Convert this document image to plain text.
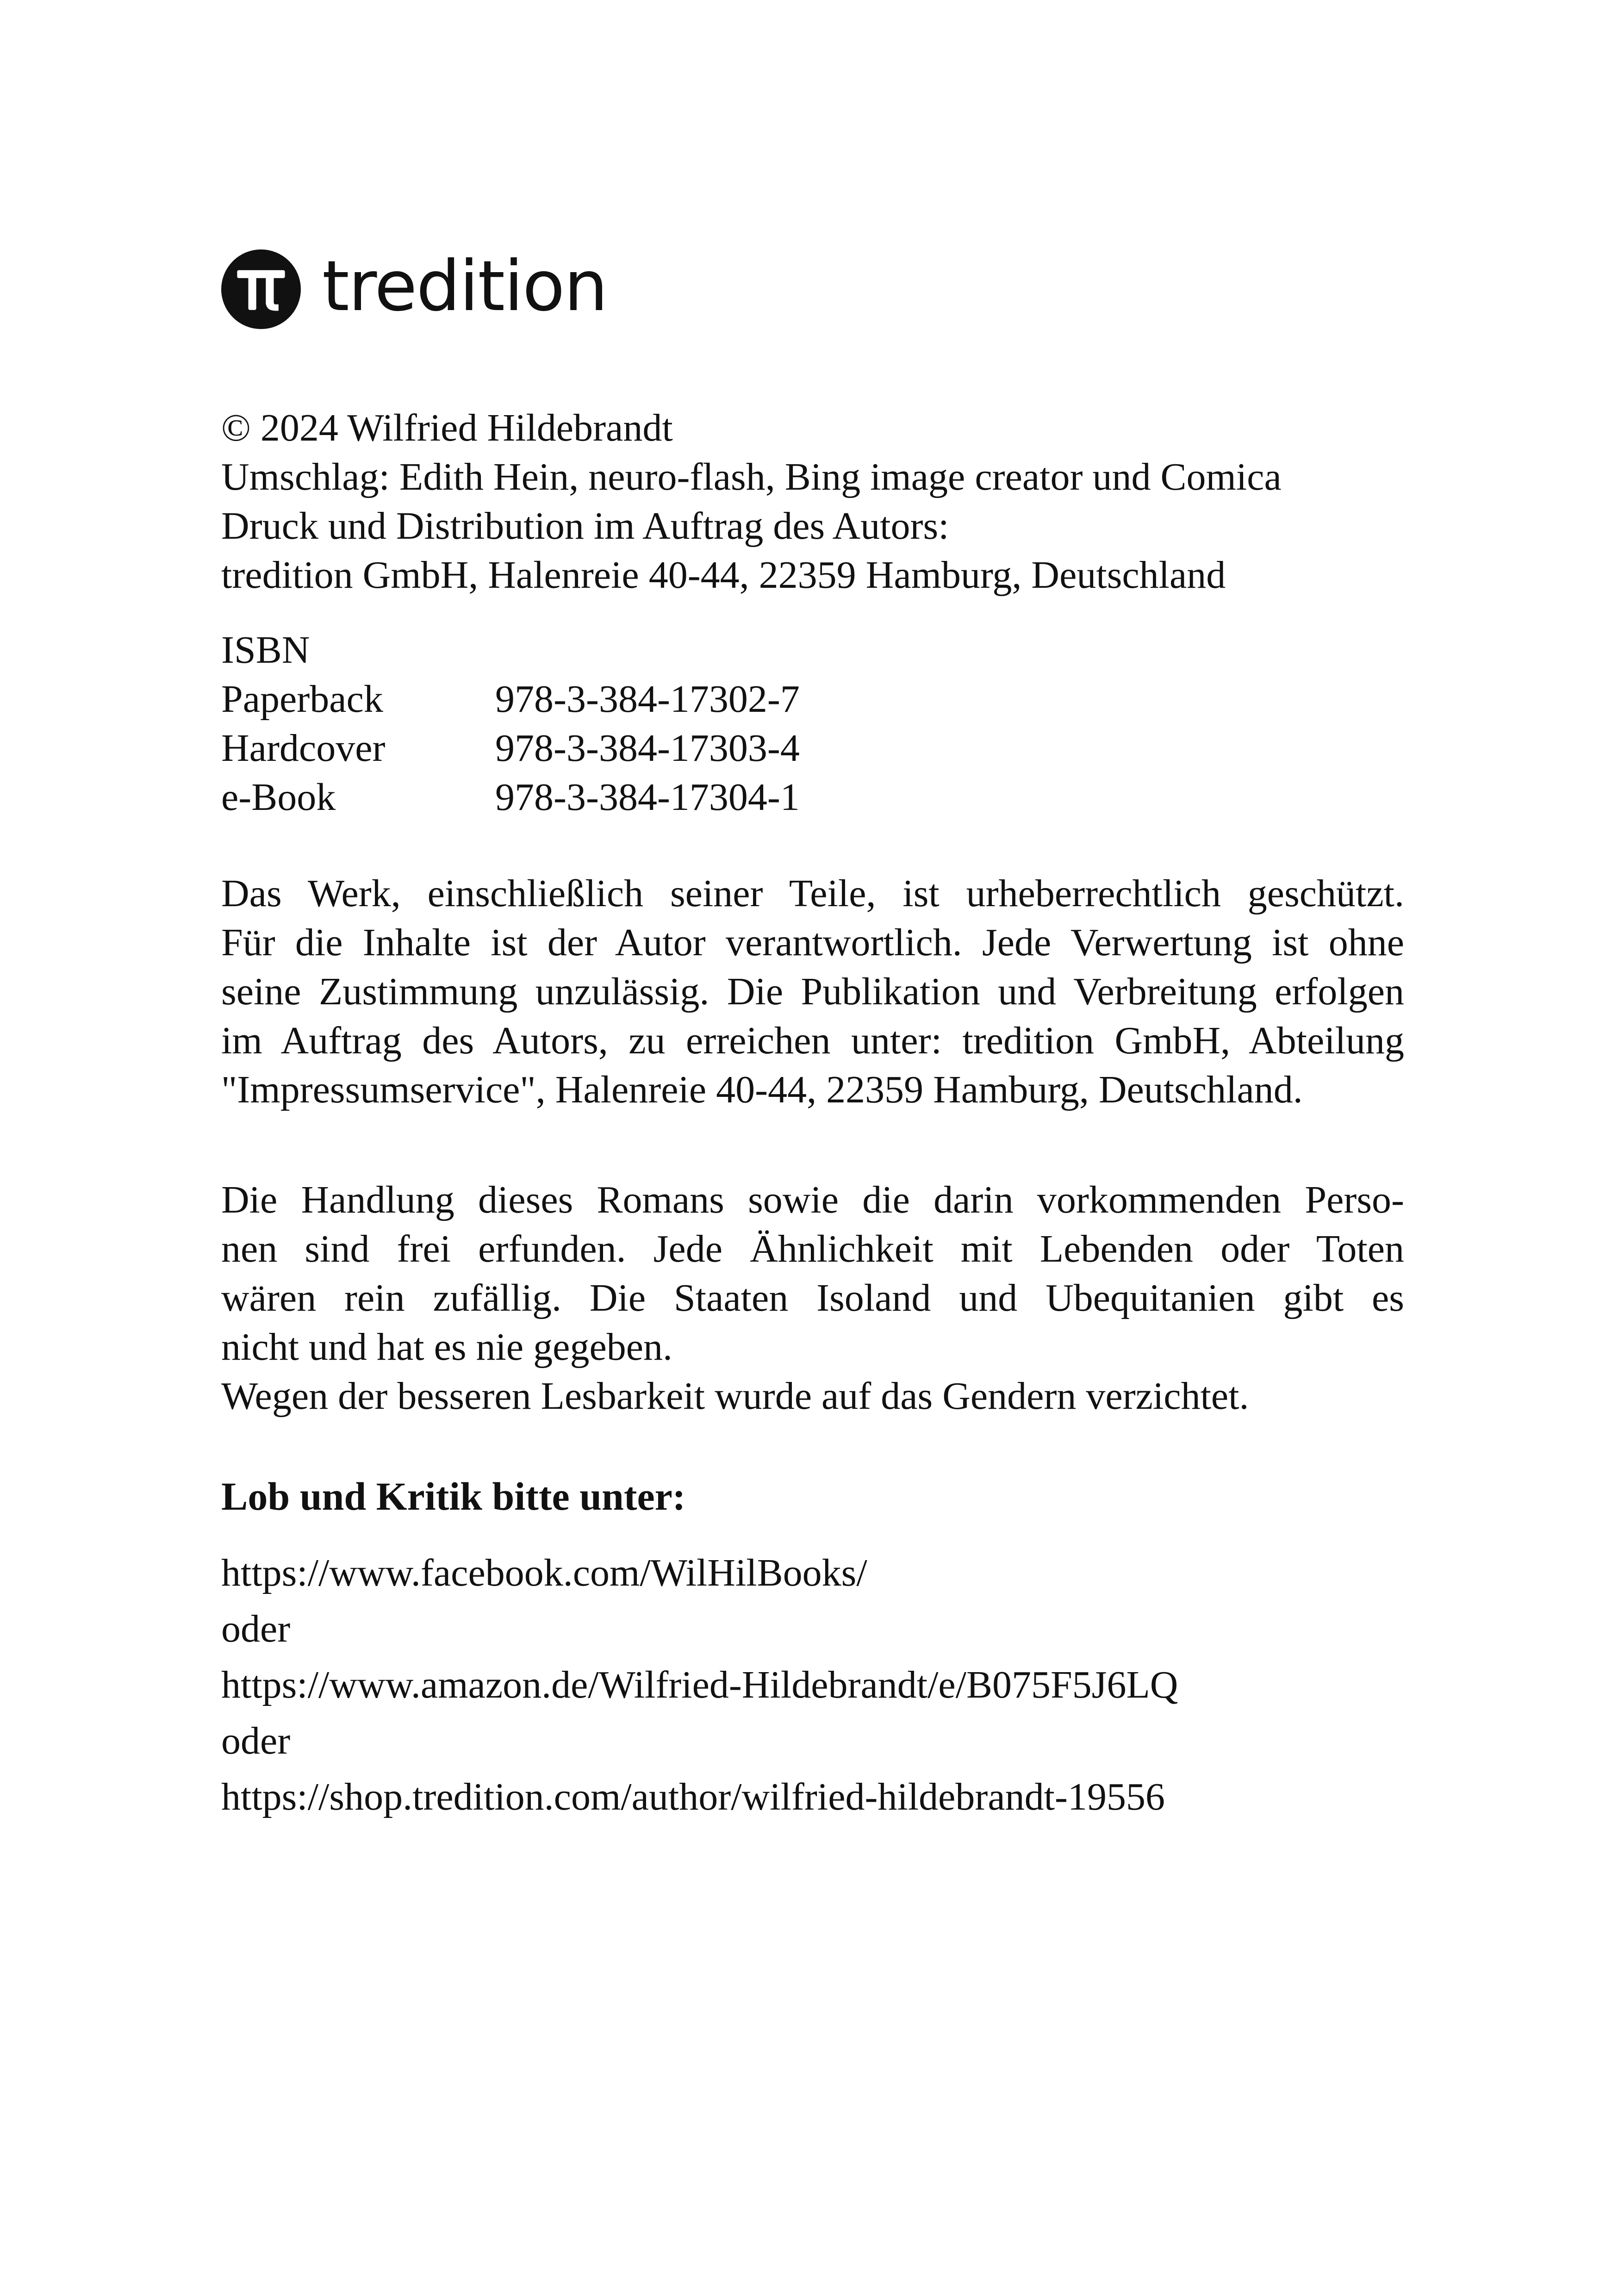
tredition
© 2024 Wilfried Hildebrandt
Umschlag: Edith Hein, neuro-flash, Bing image creator und Comica
Druck und Distribution im Auftrag des Autors:
tredition GmbH, Halenreie 40-44, 22359 Hamburg, Deutschland
ISBN
Paperback	978-3-384-17302-7
Hardcover	978-3-384-17303-4
e-Book	978-3-384-17304-1
Das Werk, einschließlich seiner Teile, ist urheberrechtlich geschützt.
Für die Inhalte ist der Autor verantwortlich. Jede Verwertung ist ohne
seine Zustimmung unzulässig. Die Publikation und Verbreitung erfolgen
im Auftrag des Autors, zu erreichen unter: tredition GmbH, Abteilung
"Impressumservice", Halenreie 40-44, 22359 Hamburg, Deutschland.
Die Handlung dieses Romans sowie die darin vorkommenden Perso-
nen sind frei erfunden. Jede Ähnlichkeit mit Lebenden oder Toten
wären rein zufällig. Die Staaten Isoland und Ubequitanien gibt es
nicht und hat es nie gegeben.
Wegen der besseren Lesbarkeit wurde auf das Gendern verzichtet.
Lob und Kritik bitte unter:
https://www.facebook.com/WilHilBooks/
oder
https://www.amazon.de/Wilfried-Hildebrandt/e/B075F5J6LQ
oder
https://shop.tredition.com/author/wilfried-hildebrandt-19556
